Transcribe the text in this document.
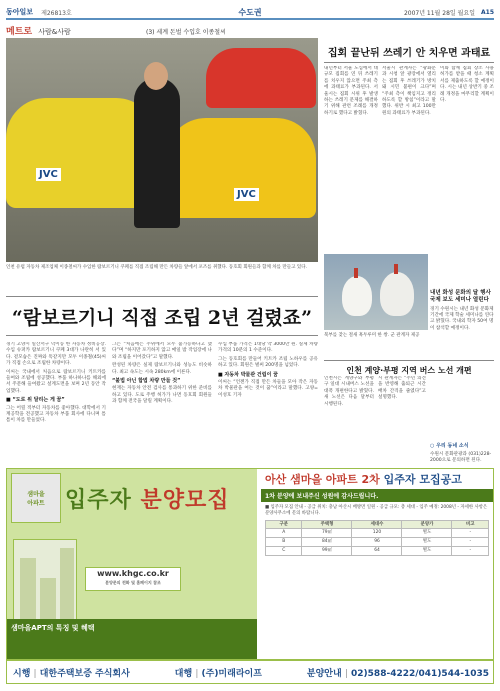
동아일보 제26813호	수도권	2007년 11월 28일 월요일 A15
메트로 사람&사람	(3) 세계 돈벌 수입호 이종철씨
JVC
JVC
인천 유럽 자동차 제조업체 이종철씨가 수입한 람보르기니 쿠페를 직접 조립해 만든 차량들 앞에서 포즈를 취했다. 동호회 회원들과 함께 차를 만들고 있다.
“람보르기니 직접 조립 2년 걸렸죠”

경기 고양시 일산서구 덕이동 한 자동차 정비공장. 수입 슈퍼카 람보르기니 쿠페 3대가 나란히 서 있다. 겉모습은 진짜와 똑같지만 모두 이종철(45)씨가 직접 손으로 조립한 차량이다.

이씨는 국내에서 처음으로 람보르기니 키트카를 들여와 조립에 성공했다. 부품 하나하나를 해외에서 주문해 들여왔고 설계도면을 보며 2년 동안 작업했다.

■ “도로 위 달리는 게 꿈”

그는 어릴 적부터 자동차를 좋아했다. 대학에서 기계공학을 전공했고 자동차 부품 회사에 다니며 틈틈이 차를 만들었다.

그는 “처음에는 주위에서 모두 불가능하다고 했다”며 “하지만 포기하지 않고 매일 밤 작업장에 나와 조립을 이어갔다”고 말했다.

완성된 차량은 실제 람보르기니와 성능도 비슷하다. 최고 속도는 시속 280km에 이른다.

“불법 아닌 합법 차량 만들 것”

현재는 자동차 안전 검사를 통과하기 위한 준비를 하고 있다. 도로 주행 허가가 나면 동호회 회원들과 함께 전국을 달릴 계획이다.

수입 부품 가격은 1대당 약 3000만 원. 실제 차량 가격의 10분의 1 수준이다.

그는 동호회를 만들어 키트카 조립 노하우를 공유하고 있다. 회원은 벌써 200명을 넘었다.

■ 자동차 박물관 건립이 꿈

이씨는 “언젠가 직접 만든 차들을 모아 작은 자동차 박물관을 여는 것이 꿈”이라고 말했다. 고양=이성호 기자

집회 끝난뒤 쓰레기 안 치우면 과태료
내년부터 서울 도심에서 대규모 집회를 연 뒤 쓰레기를 치우지 않으면 주최 측에 과태료가 부과된다. 서울시는 집회 시위 후 발생하는 쓰레기 문제를 해결하기 위해 관련 조례를 개정하기로 했다고 밝혔다.
서울시 관계자는 “광화문과 시청 앞 광장에서 열리는 집회 후 쓰레기가 방치돼 시민 불편이 크다”며 “주최 측이 책임지고 정리하도록 할 방침”이라고 말했다. 위반 시 최고 100만 원의 과태료가 부과된다.
이와 함께 집회 장소 사용 허가를 받을 때 청소 계획서를 제출하도록 할 예정이다. 시는 내년 상반기 중 조례 개정을 마무리할 계획이다.
북부를 찾는 철새 흑두루미 한 쌍. 군 관계자 제공
내년 화성 문화의 달 행사 국제 보도 세미나 열린다
경기 수원시는 내년 화성 문화제 기간에 국제 학술 세미나를 연다고 밝혔다. 국내외 학자 50여 명이 참석할 예정이다.
인천 계양·부평 지역 버스 노선 개편
인천시는 계양구와 부평구 일대 시내버스 노선을 대폭 개편한다고 밝혔다. 새 노선은 다음 달부터 시행된다.
시 관계자는 “주민 의견을 반영해 출퇴근 시간 배차 간격을 줄였다”고 설명했다.
○ 우리 동네 소식
수원시 문화관광과 (031)228-2000으로 문의하면 된다.
샘마을
아파트 입주자 분양모집
www.khgc.co.kr
분양문의 전화 및 홈페이지 참조
샘마을APT의 특징 및 혜택
아산 샘마을 아파트 2차 입주자 모집공고
1차 분양에 보내주신 성원에 감사드립니다.
■ 입주자 모집 안내 - 공급 위치: 충남 아산시 배방면 일원 - 공급 규모: 총 세대 - 입주 예정: 2008년 - 자세한 사항은 분양사무소에 문의 바랍니다.
구분	주택형	세대수	분양가	비고
A	79㎡	120	별도	-
B	84㎡	96	별도	-
C	99㎡	64	별도	-
시행 | 대한주택보증 주식회사	대행 | (주)미래라이프	분양안내 | 02)588-4222/041)544-1035
